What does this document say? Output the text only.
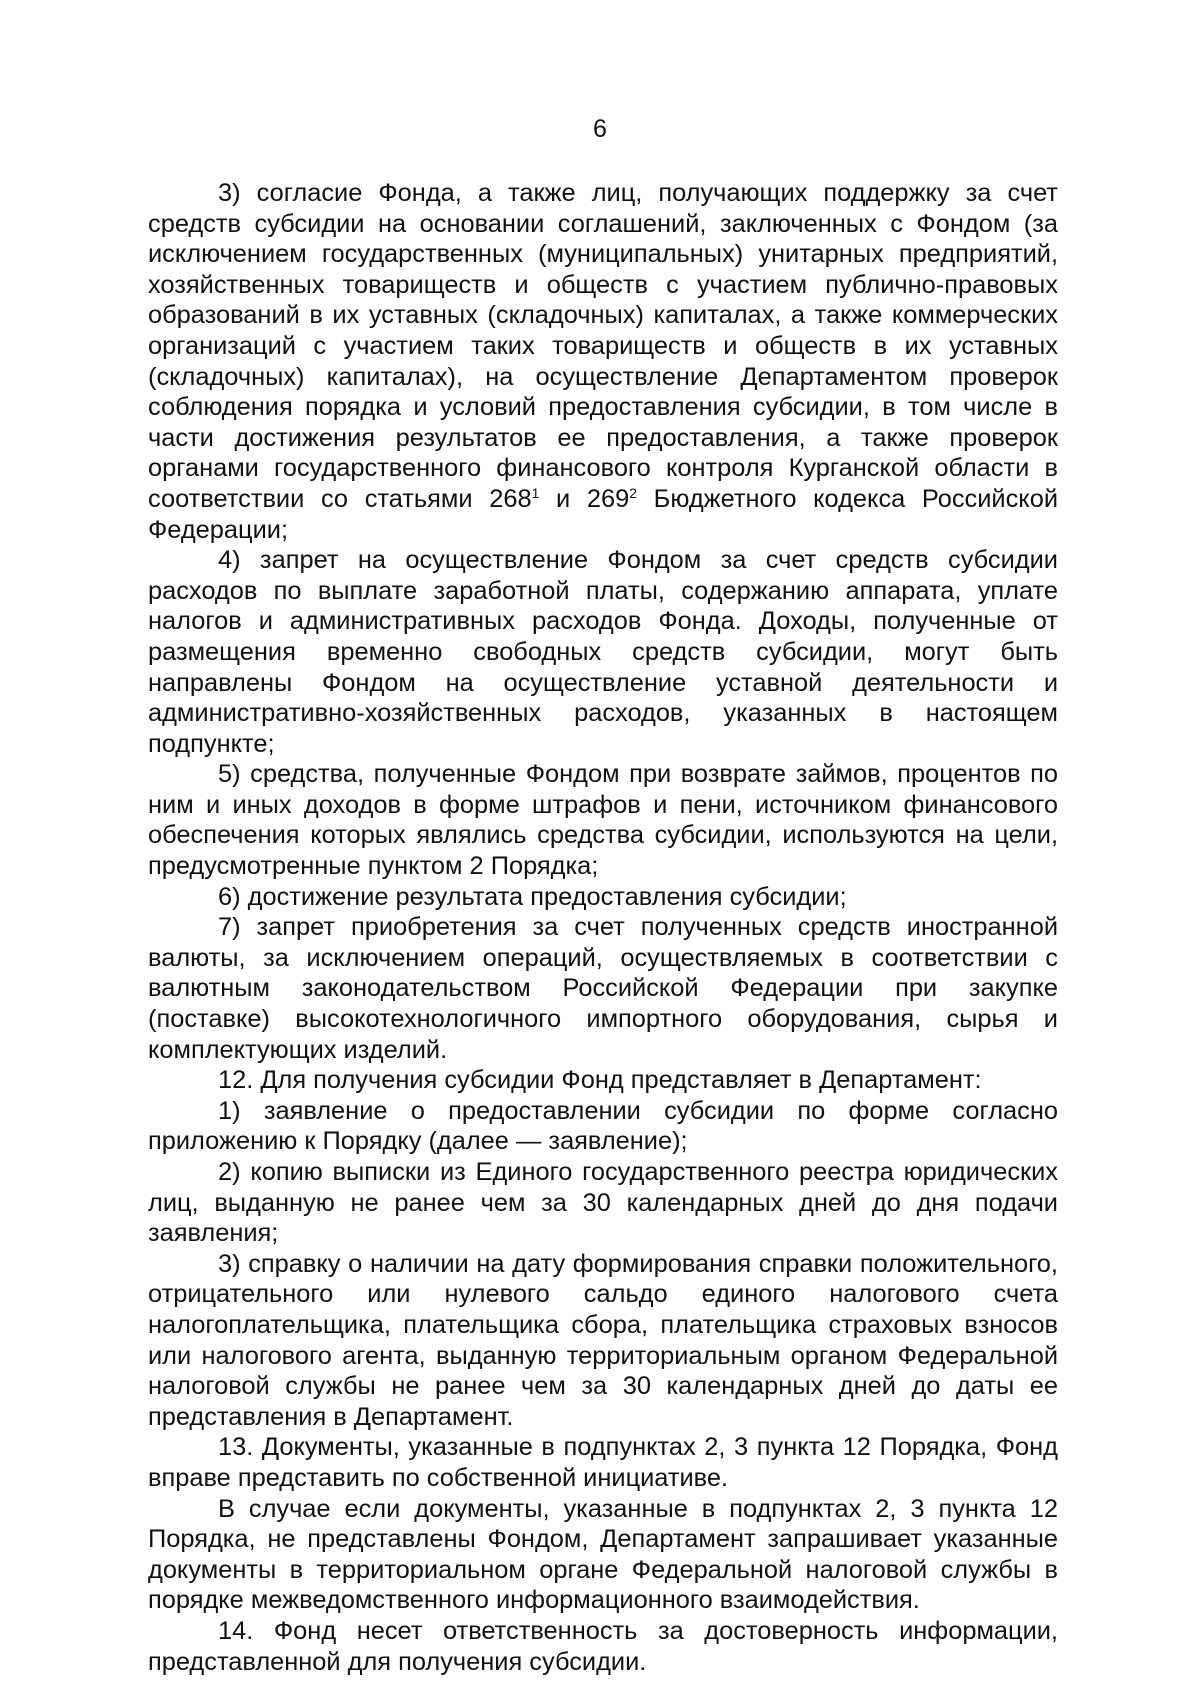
6

3) согласие Фонда, а также лиц, получающих поддержку за счет средств субсидии на основании соглашений, заключенных с Фондом (за исключением государственных (муниципальных) унитарных предприятий, хозяйственных товариществ и обществ с участием публично-правовых образований в их уставных (складочных) капиталах, а также коммерческих организаций с участием таких товариществ и обществ в их уставных (складочных) капиталах), на осуществление Департаментом проверок соблюдения порядка и условий предоставления субсидии, в том числе в части достижения результатов ее предоставления, а также проверок органами государственного финансового контроля Курганской области в соответствии со статьями $268^1$ и $269^2$ Бюджетного кодекса Российской Федерации;

4) запрет на осуществление Фондом за счет средств субсидии расходов по выплате заработной платы, содержанию аппарата, уплате налогов и административных расходов Фонда. Доходы, полученные от размещения временно свободных средств субсидии, могут быть направлены Фондом на осуществление уставной деятельности и административно-хозяйственных расходов, указанных в настоящем подпункте;

5) средства, полученные Фондом при возврате займов, процентов по ним и иных доходов в форме штрафов и пени, источником финансового обеспечения которых являлись средства субсидии, используются на цели, предусмотренные пунктом 2 Порядка;

6) достижение результата предоставления субсидии;

7) запрет приобретения за счет полученных средств иностранной валюты, за исключением операций, осуществляемых в соответствии с валютным законодательством Российской Федерации при закупке (поставке) высокотехнологичного импортного оборудования, сырья и комплектующих изделий.

12. Для получения субсидии Фонд представляет в Департамент:

1) заявление о предоставлении субсидии по форме согласно приложению к Порядку (далее — заявление);

2) копию выписки из Единого государственного реестра юридических лиц, выданную не ранее чем за 30 календарных дней до дня подачи заявления;

3) справку о наличии на дату формирования справки положительного, отрицательного или нулевого сальдо единого налогового счета налогоплательщика, плательщика сбора, плательщика страховых взносов или налогового агента, выданную территориальным органом Федеральной налоговой службы не ранее чем за 30 календарных дней до даты ее представления в Департамент.

13. Документы, указанные в подпунктах 2, 3 пункта 12 Порядка, Фонд вправе представить по собственной инициативе.

В случае если документы, указанные в подпунктах 2, 3 пункта 12 Порядка, не представлены Фондом, Департамент запрашивает указанные документы в территориальном органе Федеральной налоговой службы в порядке межведомственного информационного взаимодействия.

14. Фонд несет ответственность за достоверность информации, представленной для получения субсидии.
